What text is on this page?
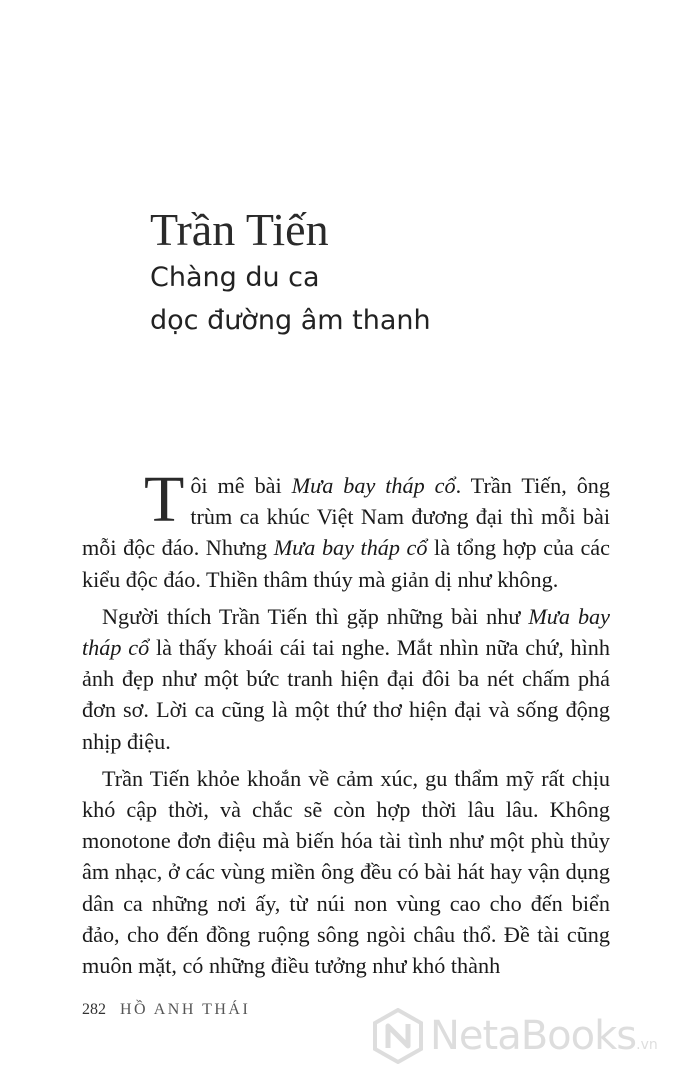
Trần Tiến
Chàng du ca
dọc đường âm thanh

Tôi mê bài Mưa bay tháp cổ. Trần Tiến, ông trùm ca khúc Việt Nam đương đại thì mỗi bài mỗi độc đáo. Nhưng Mưa bay tháp cổ là tổng hợp của các kiểu độc đáo. Thiền thâm thúy mà giản dị như không.

Người thích Trần Tiến thì gặp những bài như Mưa bay tháp cổ là thấy khoái cái tai nghe. Mắt nhìn nữa chứ, hình ảnh đẹp như một bức tranh hiện đại đôi ba nét chấm phá đơn sơ. Lời ca cũng là một thứ thơ hiện đại và sống động nhịp điệu.

Trần Tiến khỏe khoắn về cảm xúc, gu thẩm mỹ rất chịu khó cập thời, và chắc sẽ còn hợp thời lâu lâu. Không monotone đơn điệu mà biến hóa tài tình như một phù thủy âm nhạc, ở các vùng miền ông đều có bài hát hay vận dụng dân ca những nơi ấy, từ núi non vùng cao cho đến biển đảo, cho đến đồng ruộng sông ngòi châu thổ. Đề tài cũng muôn mặt, có những điều tưởng như khó thành

282 HỒ ANH THÁI
NetaBooks.vn
